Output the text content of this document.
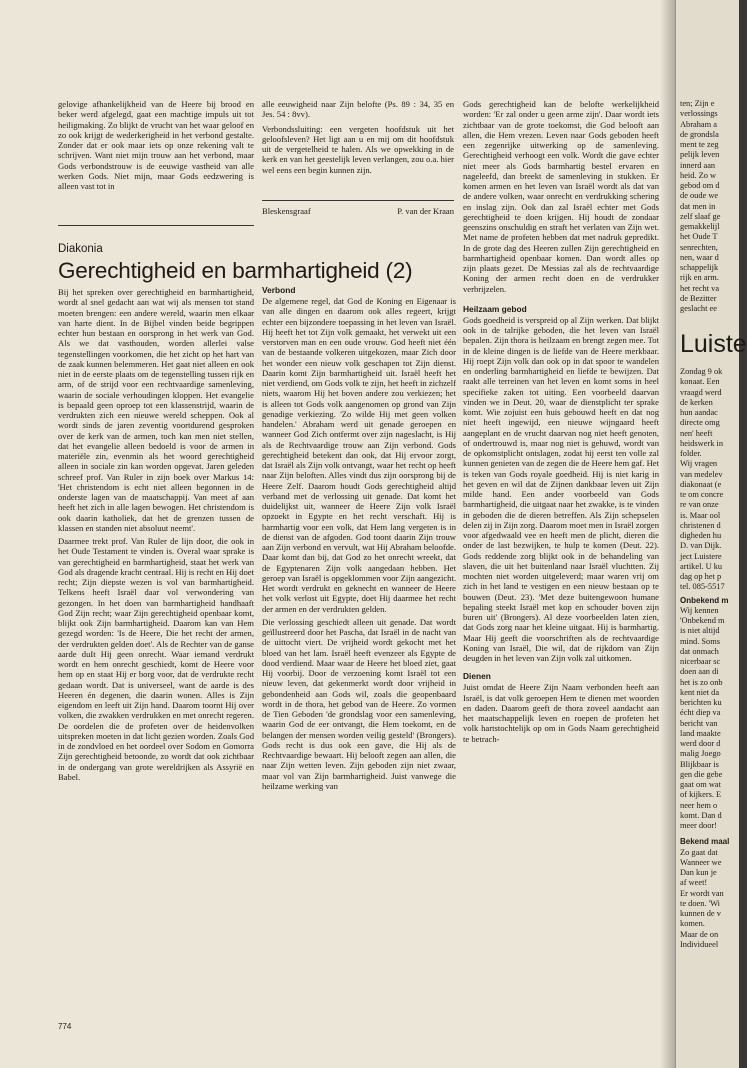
gelovige afhankelijkheid van de Heere bij brood en beker werd afgelegd, gaat een machtige impuls uit tot heiligmaking. Zo blijkt de vrucht van het waar geloof en zo ook krijgt de wederkerigheid in het verbond gestalte. Zonder dat er ook maar iets op onze rekening valt te schrijven. Want niet mijn trouw aan het verbond, maar Gods verbondstrouw is de eeuwige vastheid van alle werken Gods. Niet mijn, maar Gods eedzwering is alleen vast tot in

alle eeuwigheid naar Zijn belofte (Ps. 89 : 34, 35 en Jes. 54 : 8vv).

Verbondssluiting: een vergeten hoofdstuk uit het geloofsleven? Het ligt aan u en mij om dit hoofdstuk uit de vergetelheid te halen. Als we opwekking in de kerk en van het geestelijk leven verlangen, zou o.a. hier wel eens een begin kunnen zijn.

Bleskensgraaf	P. van der Kraan
Diakonia
Gerechtigheid en barmhartigheid (2)

Bij het spreken over gerechtigheid en barmhartigheid, wordt al snel gedacht aan wat wij als mensen tot stand moeten brengen: een andere wereld, waarin men elkaar van harte dient. In de Bijbel vinden beide begrippen echter hun bestaan en oorsprong in het werk van God. Als we dat vasthouden, worden allerlei valse tegenstellingen voorkomen, die het zicht op het hart van de zaak kunnen belemmeren. Het gaat niet alleen en ook niet in de eerste plaats om de tegenstelling tussen rijk en arm, of de strijd voor een rechtvaardige samenleving, waarin de sociale verhoudingen kloppen. Het evangelie is bepaald geen oproep tot een klassenstrijd, waarin de verdrukten zich een nieuwe wereld scheppen. Ook al wordt sinds de jaren zeventig voortdurend gesproken over de kerk van de armen, toch kan men niet stellen, dat het evangelie alleen bedoeld is voor de armen in materiële zin, evenmin als het woord gerechtigheid alleen in sociale zin kan worden opgevat. Jaren geleden schreef prof. Van Ruler in zijn boek over Markus 14: 'Het christendom is echt niet alleen begonnen in de onderste lagen van de maatschappij. Van meet af aan heeft het zich in alle lagen bewogen. Het christendom is ook daarin katholiek, dat het de grenzen tussen de klassen en standen niet absoluut neemt'.

Daarmee trekt prof. Van Ruler de lijn door, die ook in het Oude Testament te vinden is. Overal waar sprake is van gerechtigheid en barmhartigheid, staat het werk van God als dragende kracht centraal. Hij is recht en Hij doet recht; Zijn diepste wezen is vol van barmhartigheid. Telkens heeft Israël daar vol verwondering van gezongen. In het doen van barmhartigheid handhaaft God Zijn recht; waar Zijn gerechtigheid openbaar komt, blijkt ook Zijn barmhartigheid. Daarom kan van Hem gezegd worden: 'Is de Heere, Die het recht der armen, der verdrukten gelden doet'. Als de Rechter van de ganse aarde duIt Hij geen onrecht. Waar iemand verdrukt wordt en hem onrecht geschiedt, komt de Heere voor hem op en staat Hij er borg voor, dat de verdrukte recht gedaan wordt. Dat is universeel, want de aarde is des Heeren én degenen, die daarin wonen. Alles is Zijn eigendom en leeft uit Zijn hand. Daarom toornt Hij over volken, die zwakken verdrukken en met onrecht regeren. De oordelen die de profeten over de heidenvolken uitspreken moeten in dat licht gezien worden. Zoals God in de zondvloed en het oordeel over Sodom en Gomorra Zijn gerechtigheid betoonde, zo wordt dat ook zichtbaar in de ondergang van grote wereldrijken als Assyrië en Babel.

Verbond

De algemene regel, dat God de Koning en Eigenaar is van alle dingen en daarom ook alles regeert, krijgt echter een bijzondere toepassing in het leven van Israël. Hij heeft het tot Zijn volk gemaakt, het verwekt uit een verstorven man en een oude vrouw. God heeft niet één van de bestaande volkeren uitgekozen, maar Zich door het wonder een nieuw volk geschapen tot Zijn dienst. Daarin komt Zijn barmhartigheid uit. Israël heeft het niet verdiend, om Gods volk te zijn, het heeft in zichzelf niets, waarom Hij het boven andere zou verkiezen; het is alleen tot Gods volk aangenomen op grond van Zijn genadige verkiezing. 'Zo wilde Hij met geen volken handelen.' Abraham werd uit genade geroepen en wanneer God Zich ontfermt over zijn nageslacht, is Hij als de Rechtvaardige trouw aan Zijn verbond. Gods gerechtigheid betekent dan ook, dat Hij ervoor zorgt, dat Israël als Zijn volk ontvangt, waar het recht op heeft naar Zijn beloften. Alles vindt dus zijn oorsprong bij de Heere Zelf. Daarom houdt Gods gerechtigheid altijd verband met de verlossing uit genade. Dat komt het duidelijkst uit, wanneer de Heere Zijn volk Israël opzoekt in Egypte en het recht verschaft. Hij is barmhartig voor een volk, dat Hem lang vergeten is in de dienst van de afgoden. God toont daarin Zijn trouw aan Zijn verbond en vervult, wat Hij Abraham beloofde. Daar komt dan bij, dat God zo het onrecht wreekt, dat de Egyptenaren Zijn volk aangedaan hebben. Het geroep van Israël is opgeklommen voor Zijn aangezicht. Het wordt verdrukt en geknecht en wanneer de Heere het volk verlost uit Egypte, doet Hij daarmee het recht der armen en der verdrukten gelden.

Die verlossing geschiedt alleen uit genade. Dat wordt geïllustreerd door het Pascha, dat Israël in de nacht van de uittocht viert. De vrijheid wordt gekocht met het bloed van het lam. Israël heeft evenzeer als Egypte de dood verdiend. Maar waar de Heere het bloed ziet, gaat Hij voorbij. Door de verzoening komt Israël tot een nieuw leven, dat gekenmerkt wordt door vrijheid in gebondenheid aan Gods wil, zoals die geopenbaard wordt in de thora, het gebod van de Heere. Zo vormen de Tien Geboden 'de grondslag voor een samenleving, waarin God de eer ontvangt, die Hem toekomt, en de belangen der mensen worden veilig gesteld' (Brongers). Gods recht is dus ook een gave, die Hij als de Rechtvaardige bewaart. Hij belooft zegen aan allen, die naar Zijn wetten leven. Zijn geboden zijn niet zwaar, maar vol van Zijn barmhartigheid. Juist vanwege die heilzame werking van

Gods gerechtigheid kan de belofte werkelijkheid worden: 'Er zal onder u geen arme zijn'. Daar wordt iets zichtbaar van de grote toekomst, die God belooft aan allen, die Hem vrezen. Leven naar Gods geboden heeft een zegenrijke uitwerking op de samenleving. Gerechtigheid verhoogt een volk. Wordt die gave echter niet meer als Gods barmhartig bestel ervaren en nageleefd, dan breekt de samenleving in stukken. Er komen armen en het leven van Israël wordt als dat van de andere volken, waar onrecht en verdrukking schering en inslag zijn. Ook dan zal Israël echter met Gods gerechtigheid te doen krijgen. Hij houdt de zondaar geenszins onschuldig en straft het verlaten van Zijn wet. Met name de profeten hebben dat met nadruk gepredikt. In de grote dag des Heeren zullen Zijn gerechtigheid en barmhartigheid openbaar komen. Dan wordt alles op zijn plaats gezet. De Messias zal als de rechtvaardige Koning der armen recht doen en de verdrukker verbrijzelen.

Heilzaam gebod

Gods goedheid is verspreid op al Zijn werken. Dat blijkt ook in de talrijke geboden, die het leven van Israël bepalen. Zijn thora is heilzaam en brengt zegen mee. Tot in de kleine dingen is de liefde van de Heere merkbaar. Hij roept Zijn volk dan ook op in dat spoor te wandelen en onderling barmhartigheid en liefde te bewijzen. Dat raakt alle terreinen van het leven en komt soms in heel specifieke zaken tot uiting. Een voorbeeld daarvan vinden we in Deut. 20, waar de dienstplicht ter sprake komt. Wie zojuist een huis gebouwd heeft en dat nog niet heeft ingewijd, een nieuwe wijngaard heeft aangeplant en de vrucht daarvan nog niet heeft genoten, of ondertrouwd is, maar nog niet is gehuwd, wordt van de opkomstplicht ontslagen, zodat hij eerst ten volle zal kunnen genieten van de zegen die de Heere hem gaf. Het is teken van Gods royale goedheid. Hij is niet karig in het geven en wil dat de Zijnen dankbaar leven uit Zijn milde hand. Een ander voorbeeld van Gods barmhartigheid, die uitgaat naar het zwakke, is te vinden in geboden die de dieren betreffen. Als Zijn schepselen delen zij in Zijn zorg. Daarom moet men in Israël zorgen voor afgedwaald vee en heeft men de plicht, dieren die onder de last bezwijken, te hulp te komen (Deut. 22). Gods reddende zorg blijkt ook in de behandeling van slaven, die uit het buitenland naar Israël vluchtten. Zij mochten niet worden uitgeleverd; maar waren vrij om zich in het land te vestigen en een nieuw bestaan op te bouwen (Deut. 23). 'Met deze buitengewoon humane bepaling steekt Israël met kop en schouder boven zijn buren uit' (Brongers). Al deze voorbeelden laten zien, dat Gods zorg naar het kleine uitgaat. Hij is barmhartig. Maar Hij geeft die voorschriften als de rechtvaardige Koning van Israël, Die wil, dat de rijkdom van Zijn deugden in het leven van Zijn volk zal uitkomen.

Dienen

Juist omdat de Heere Zijn Naam verbonden heeft aan Israël, is dat volk geroepen Hem te dienen met woorden en daden. Daarom geeft de thora zoveel aandacht aan het maatschappelijk leven en roepen de profeten het volk hartstochtelijk op om in Gods Naam gerechtigheid te betrach-

774
ten; Zijn e
verlossings
Abraham a
de grondsla
ment te zeg
pelijk leven
innerd aan
heid. Zo w
gebod om d
de oude we
dat men in
zelf slaaf ge
gemakkelijl
het Oude T
senrechten,
nen, waar d
schappelijk
rijk en arm.
het recht va
de Bezitter
geslacht ee
Luiste
Zondag 9 ok
konaat. Een
vraagd werd
de kerken
hun aandac
directe omg
nen' heeft
heidswerk in
folder.
Wij vragen
van medelev
diakonaat (e
te om concre
re van onze
is. Maar ool
christenen d
digheden hu
D. van Dijk.
ject Luistere
artikel. U ku
dag op het p
tel. 085-5517
Onbekend m
Wij kennen
'Onbekend m
is niet altijd
mind. Soms
dat onmach
nicerbaar sc
doen aan di
het is zo onb
kent niet da
berichten ku
écht diep va
bericht van
land maakte
werd door d
malig Joego
Blijkbaar is
gen die gebe
gaat om wat
of kijkers. E
neer hem o
komt. Dan d
meer door!
Bekend maal
Zo gaat dat
Wanneer we
Dan kun je
af weet!
Er wordt van
te doen. 'Wi
kunnen de v
komen.
Maar de on
Individueel
